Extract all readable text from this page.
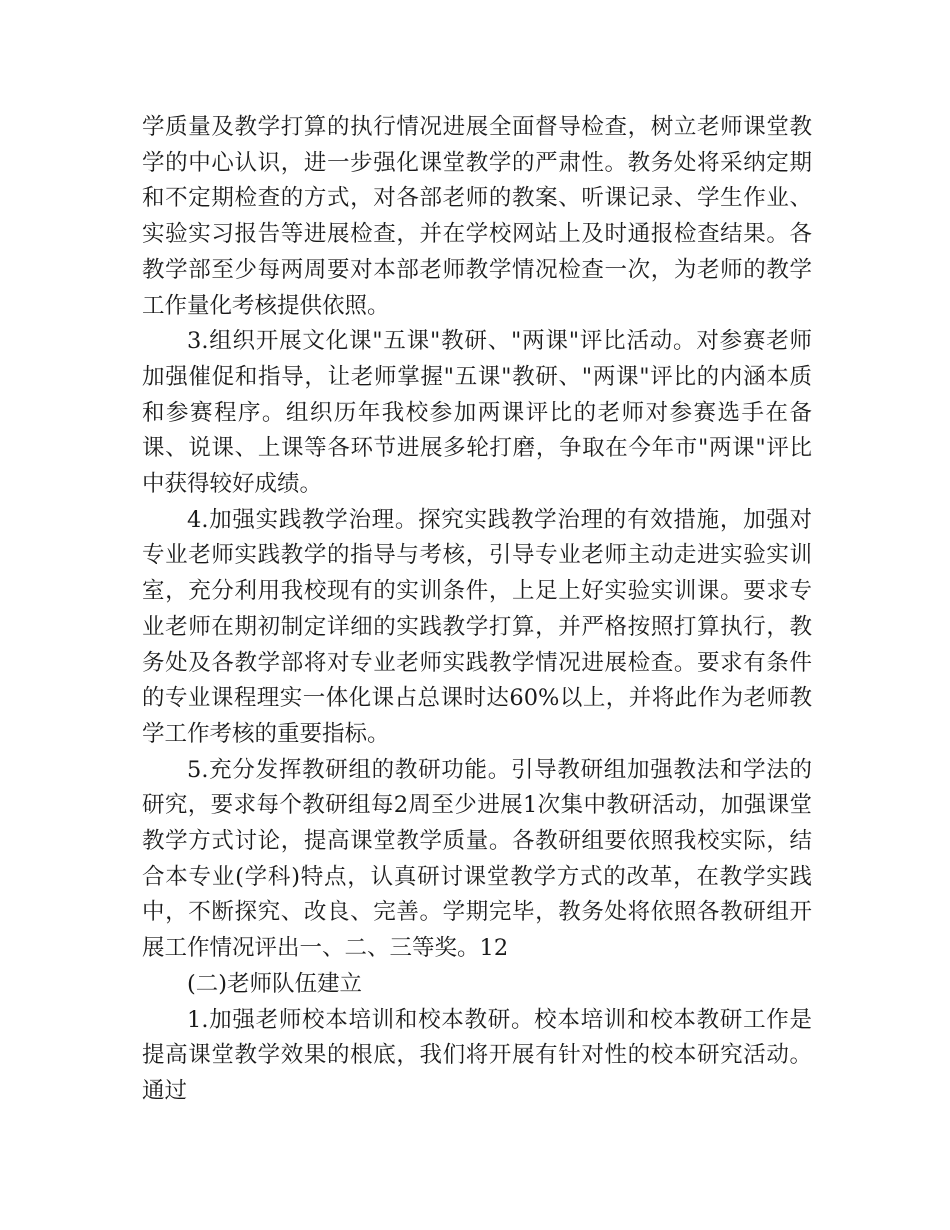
学质量及教学打算的执行情况进展全面督导检查，树立老师课堂教学的中心认识，进一步强化课堂教学的严肃性。教务处将采纳定期和不定期检查的方式，对各部老师的教案、听课记录、学生作业、实验实习报告等进展检查，并在学校网站上及时通报检查结果。各教学部至少每两周要对本部老师教学情况检查一次，为老师的教学工作量化考核提供依照。

3.组织开展文化课"五课"教研、"两课"评比活动。对参赛老师加强催促和指导，让老师掌握"五课"教研、"两课"评比的内涵本质和参赛程序。组织历年我校参加两课评比的老师对参赛选手在备课、说课、上课等各环节进展多轮打磨，争取在今年市"两课"评比中获得较好成绩。

4.加强实践教学治理。探究实践教学治理的有效措施，加强对专业老师实践教学的指导与考核，引导专业老师主动走进实验实训室，充分利用我校现有的实训条件，上足上好实验实训课。要求专业老师在期初制定详细的实践教学打算，并严格按照打算执行，教务处及各教学部将对专业老师实践教学情况进展检查。要求有条件的专业课程理实一体化课占总课时达60%以上，并将此作为老师教学工作考核的重要指标。

5.充分发挥教研组的教研功能。引导教研组加强教法和学法的研究，要求每个教研组每2周至少进展1次集中教研活动，加强课堂教学方式讨论，提高课堂教学质量。各教研组要依照我校实际，结合本专业(学科)特点，认真研讨课堂教学方式的改革，在教学实践中，不断探究、改良、完善。学期完毕，教务处将依照各教研组开展工作情况评出一、二、三等奖。12

(二)老师队伍建立

1.加强老师校本培训和校本教研。校本培训和校本教研工作是提高课堂教学效果的根底，我们将开展有针对性的校本研究活动。通过
